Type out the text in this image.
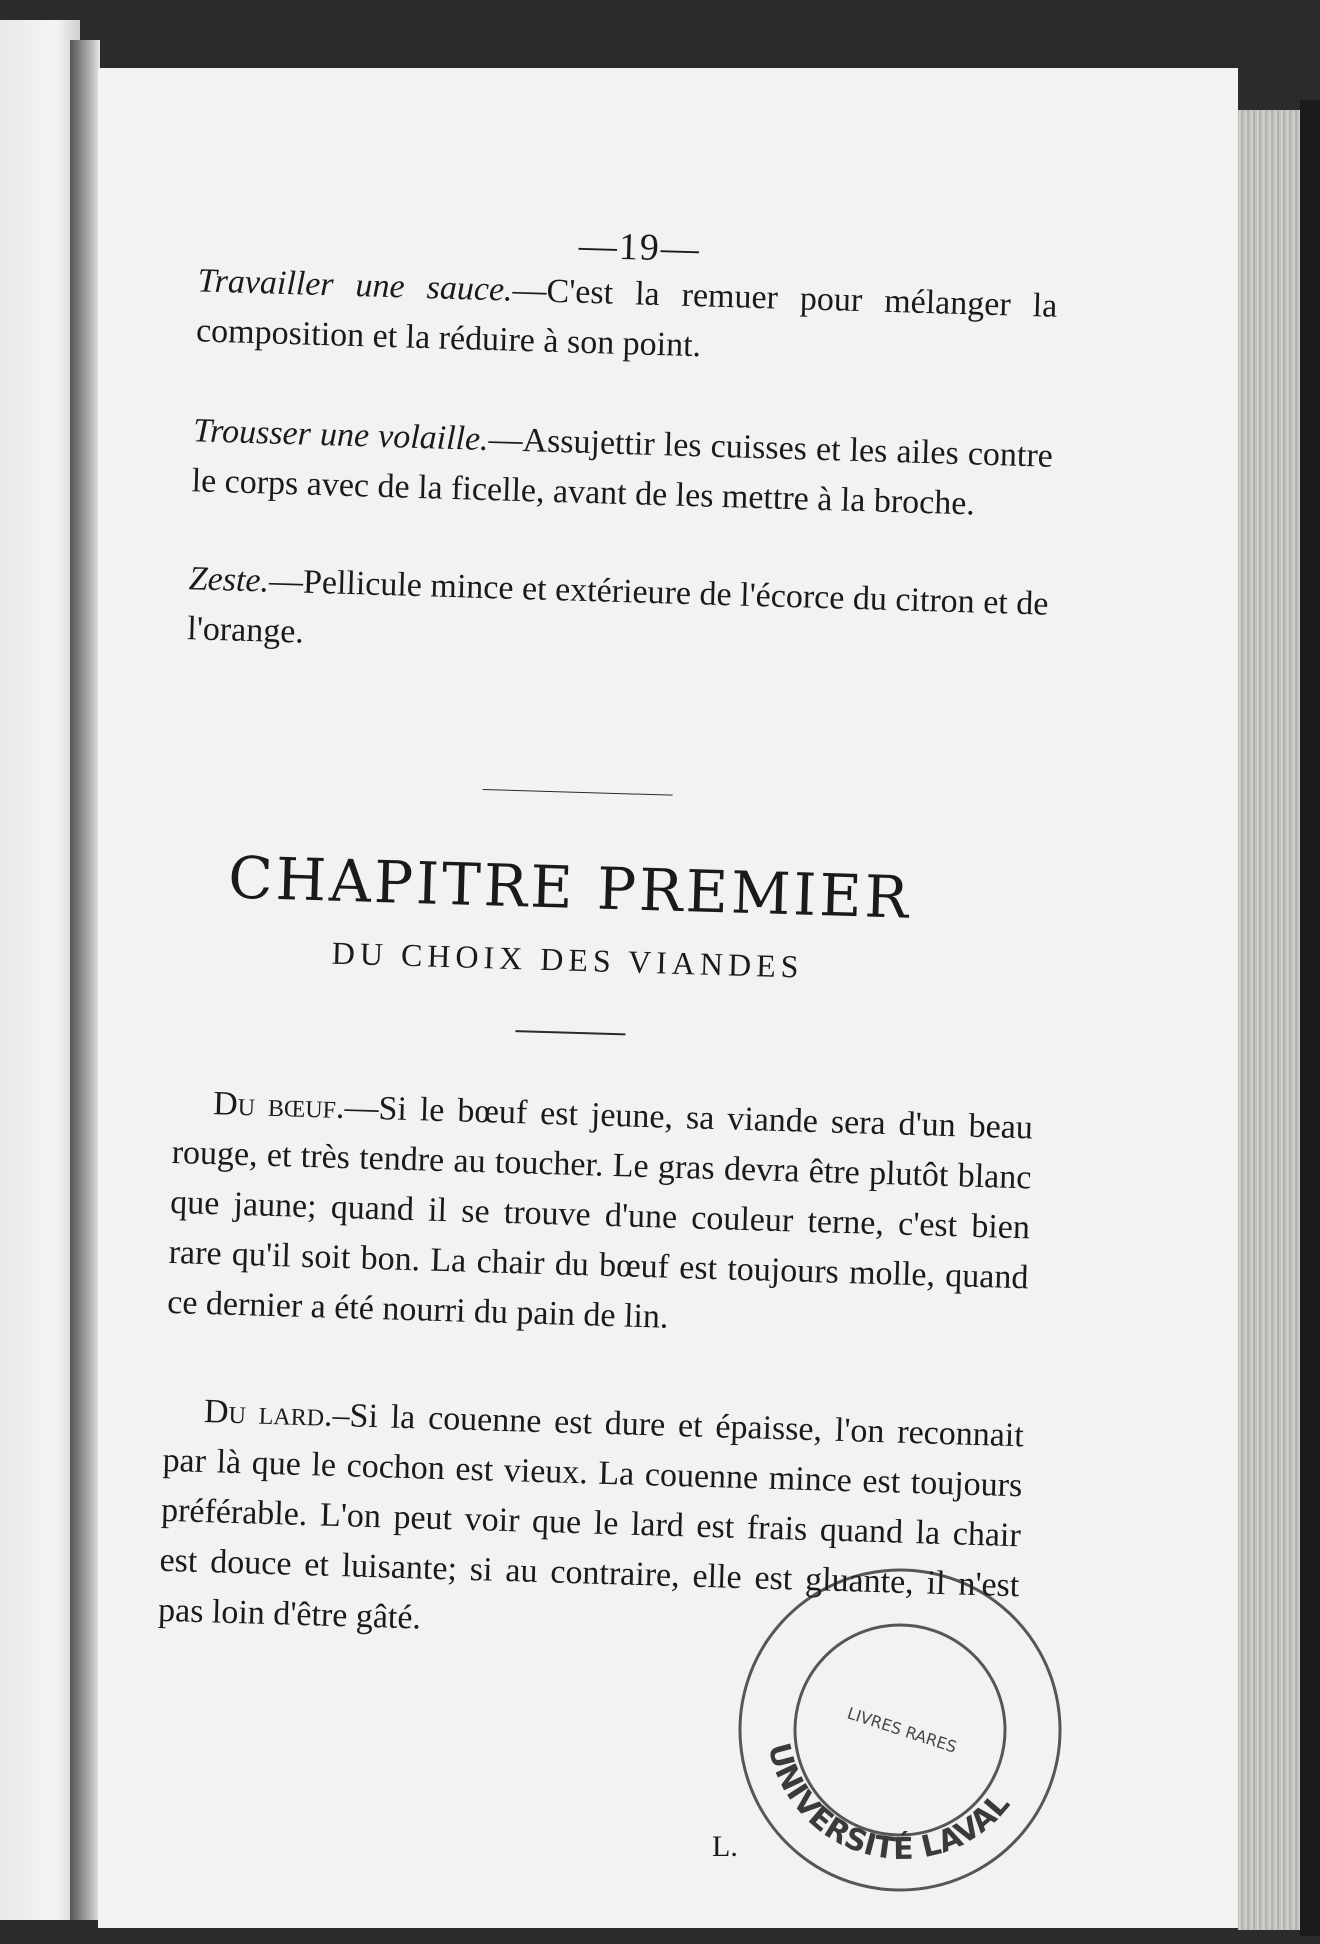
—19—

Travailler une sauce.—C'est la remuer pour mélanger la composition et la réduire à son point.

Trousser une volaille.—Assujettir les cuisses et les ailes contre le corps avec de la ficelle, avant de les mettre à la broche.

Zeste.—Pellicule mince et extérieure de l'écorce du citron et de l'orange.

CHAPITRE PREMIER
DU CHOIX DES VIANDES

Du bœuf.—Si le bœuf est jeune, sa viande sera d'un beau rouge, et très tendre au toucher. Le gras devra être plutôt blanc que jaune; quand il se trouve d'une couleur terne, c'est bien rare qu'il soit bon. La chair du bœuf est toujours molle, quand ce dernier a été nourri du pain de lin.

Du lard.–Si la couenne est dure et épaisse, l'on reconnait par là que le cochon est vieux. La couenne mince est toujours préférable. L'on peut voir que le lard est frais quand la chair est douce et luisante; si au contraire, elle est gluante, il n'est pas loin d'être gâté.

UNIVERSITÉ LAVAL
LIVRES RARES
L.
